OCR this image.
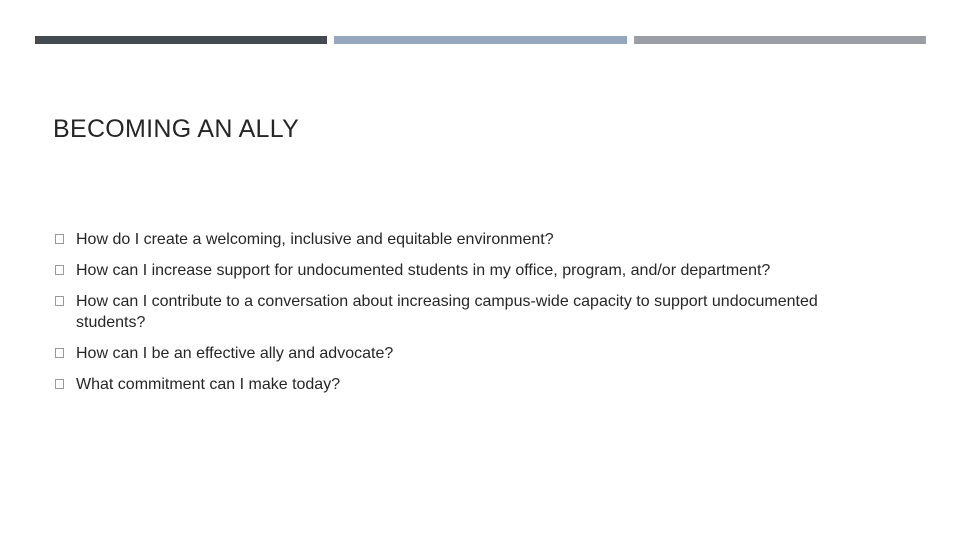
BECOMING AN ALLY
How do I create a welcoming, inclusive and equitable environment?
How can I increase support for undocumented students in my office, program, and/or department?
How can I contribute to a conversation about increasing campus-wide capacity to support undocumented students?
How can I be an effective ally and advocate?
What commitment can I make today?
